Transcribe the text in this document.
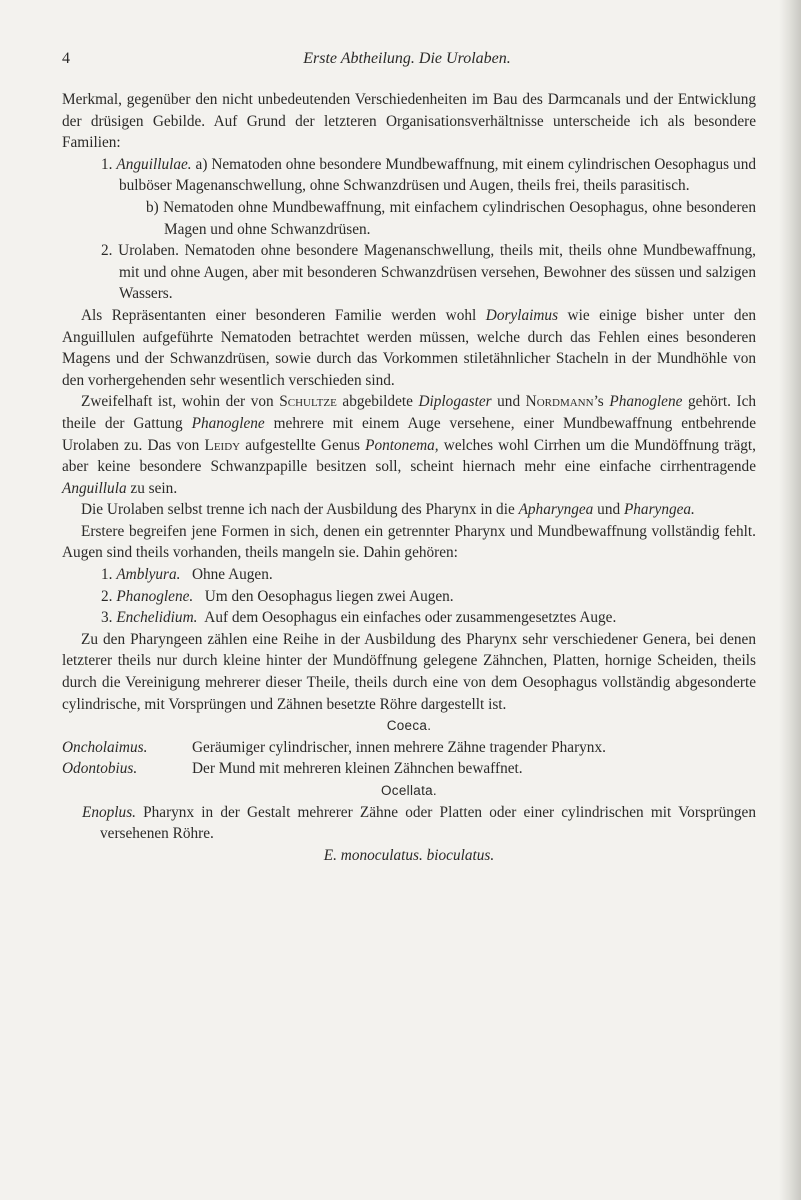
4	Erste Abtheilung. Die Urolaben.

Merkmal, gegenüber den nicht unbedeutenden Verschiedenheiten im Bau des Darmcanals und der Entwicklung der drüsigen Gebilde. Auf Grund der letzteren Organisationsverhältnisse unterscheide ich als besondere Familien:

1. Anguillulae. a) Nematoden ohne besondere Mundbewaffnung, mit einem cylindrischen Oesophagus und bulböser Magenanschwellung, ohne Schwanzdrüsen und Augen, theils frei, theils parasitisch.

b) Nematoden ohne Mundbewaffnung, mit einfachem cylindrischen Oesophagus, ohne besonderen Magen und ohne Schwanzdrüsen.

2. Urolaben. Nematoden ohne besondere Magenanschwellung, theils mit, theils ohne Mundbewaffnung, mit und ohne Augen, aber mit besonderen Schwanzdrüsen versehen, Bewohner des süssen und salzigen Wassers.

Als Repräsentanten einer besonderen Familie werden wohl Dorylaimus wie einige bisher unter den Anguillulen aufgeführte Nematoden betrachtet werden müssen, welche durch das Fehlen eines besonderen Magens und der Schwanzdrüsen, sowie durch das Vorkommen stiletähnlicher Stacheln in der Mundhöhle von den vorhergehenden sehr wesentlich verschieden sind.

Zweifelhaft ist, wohin der von Schultze abgebildete Diplogaster und Nordmann’s Phanoglene gehört. Ich theile der Gattung Phanoglene mehrere mit einem Auge versehene, einer Mundbewaffnung entbehrende Urolaben zu. Das von Leidy aufgestellte Genus Pontonema, welches wohl Cirrhen um die Mundöffnung trägt, aber keine besondere Schwanzpapille besitzen soll, scheint hiernach mehr eine einfache cirrhentragende Anguillula zu sein.

Die Urolaben selbst trenne ich nach der Ausbildung des Pharynx in die Apharyngea und Pharyngea.

Erstere begreifen jene Formen in sich, denen ein getrennter Pharynx und Mundbewaffnung vollständig fehlt. Augen sind theils vorhanden, theils mangeln sie. Dahin gehören:

1. Amblyura. Ohne Augen.

2. Phanoglene. Um den Oesophagus liegen zwei Augen.

3. Enchelidium. Auf dem Oesophagus ein einfaches oder zusammengesetztes Auge.

Zu den Pharyngeen zählen eine Reihe in der Ausbildung des Pharynx sehr verschiedener Genera, bei denen letzterer theils nur durch kleine hinter der Mundöffnung gelegene Zähnchen, Platten, hornige Scheiden, theils durch die Vereinigung mehrerer dieser Theile, theils durch eine von dem Oesophagus vollständig abgesonderte cylindrische, mit Vorsprüngen und Zähnen besetzte Röhre dargestellt ist.

Coeca.

Oncholaimus.	Geräumiger cylindrischer, innen mehrere Zähne tragender Pharynx.

Odontobius.	Der Mund mit mehreren kleinen Zähnchen bewaffnet.

Ocellata.

Enoplus. Pharynx in der Gestalt mehrerer Zähne oder Platten oder einer cylindrischen mit Vorsprüngen versehenen Röhre.

E. monoculatus. bioculatus.
